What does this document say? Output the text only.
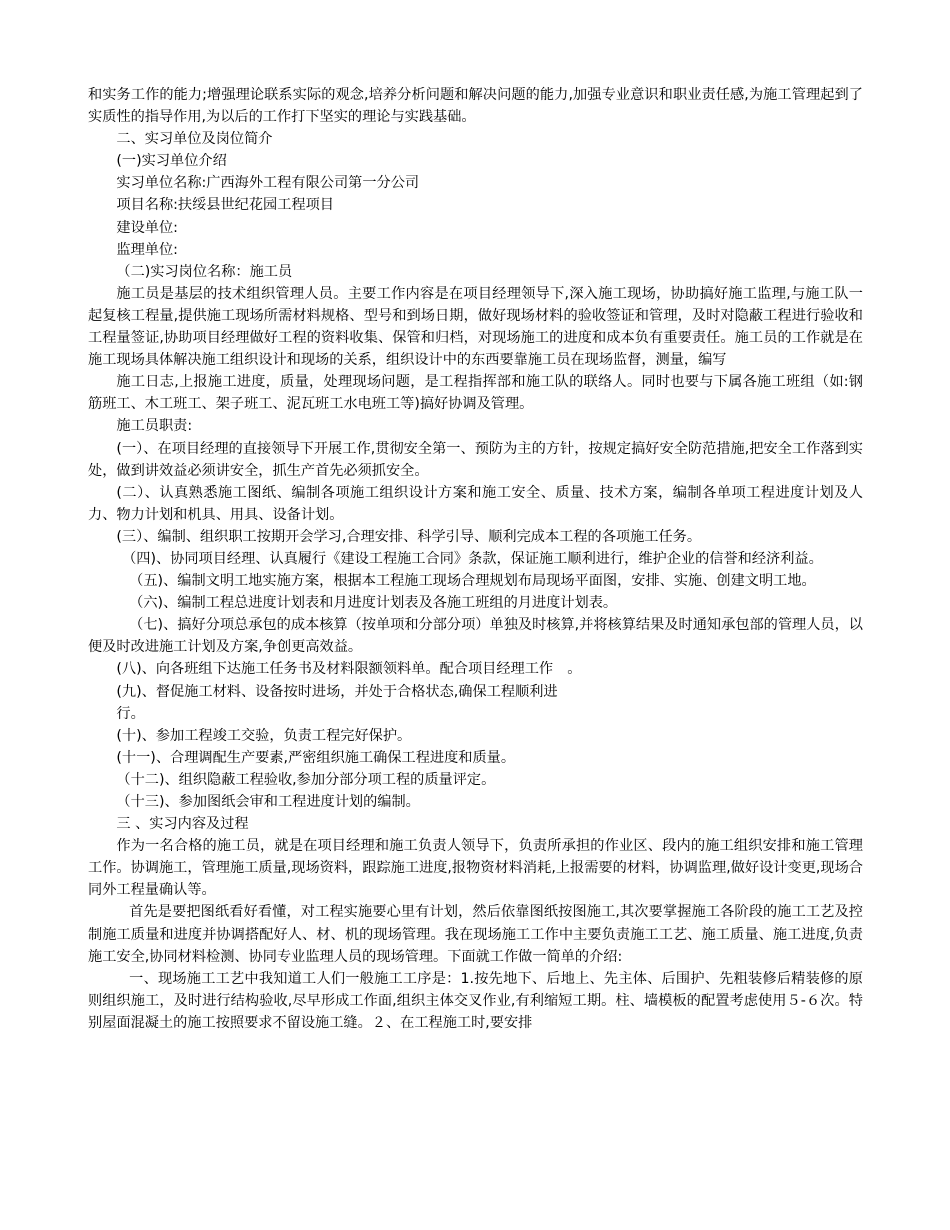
和实务工作的能力;增强理论联系实际的观念,培养分析问题和解决问题的能力,加强专业意识和职业责任感,为施工管理起到了实质性的指导作用,为以后的工作打下坚实的理论与实践基础。

二、实习单位及岗位简介

(一)实习单位介绍

实习单位名称:广西海外工程有限公司第一分公司

项目名称:扶绥县世纪花园工程项目

建设单位:

监理单位:

（二)实习岗位名称：施工员

施工员是基层的技术组织管理人员。主要工作内容是在项目经理领导下,深入施工现场，协助搞好施工监理,与施工队一起复核工程量,提供施工现场所需材料规格、型号和到场日期，做好现场材料的验收签证和管理，及时对隐蔽工程进行验收和工程量签证,协助项目经理做好工程的资料收集、保管和归档，对现场施工的进度和成本负有重要责任。施工员的工作就是在施工现场具体解决施工组织设计和现场的关系，组织设计中的东西要靠施工员在现场监督，测量，编写

施工日志,上报施工进度，质量，处理现场问题，是工程指挥部和施工队的联络人。同时也要与下属各施工班组（如:钢筋班工、木工班工、架子班工、泥瓦班工水电班工等)搞好协调及管理。

施工员职责:

(一）、在项目经理的直接领导下开展工作,贯彻安全第一、预防为主的方针，按规定搞好安全防范措施,把安全工作落到实处，做到讲效益必须讲安全，抓生产首先必须抓安全。

(二）、认真熟悉施工图纸、编制各项施工组织设计方案和施工安全、质量、技术方案，编制各单项工程进度计划及人力、物力计划和机具、用具、设备计划。

(三）、编制、组织职工按期开会学习,合理安排、科学引导、顺利完成本工程的各项施工任务。

（四)、协同项目经理、认真履行《建设工程施工合同》条款，保证施工顺利进行，维护企业的信誉和经济利益。

（五)、编制文明工地实施方案，根据本工程施工现场合理规划布局现场平面图，安排、实施、创建文明工地。

（六)、编制工程总进度计划表和月进度计划表及各施工班组的月进度计划表。

（七)、搞好分项总承包的成本核算（按单项和分部分项）单独及时核算,并将核算结果及时通知承包部的管理人员，以便及时改进施工计划及方案,争创更高效益。

(八)、向各班组下达施工任务书及材料限额领料单。配合项目经理工作　。

(九)、督促施工材料、设备按时进场，并处于合格状态,确保工程顺利进

行。

(十)、参加工程竣工交验，负责工程完好保护。

(十一)、合理调配生产要素,严密组织施工确保工程进度和质量。

（十二)、组织隐蔽工程验收,参加分部分项工程的质量评定。

（十三)、参加图纸会审和工程进度计划的编制。

三 、实习内容及过程

作为一名合格的施工员，就是在项目经理和施工负责人领导下，负责所承担的作业区、段内的施工组织安排和施工管理工作。协调施工，管理施工质量,现场资料，跟踪施工进度,报物资材料消耗,上报需要的材料，协调监理,做好设计变更,现场合同外工程量确认等。

首先是要把图纸看好看懂，对工程实施要心里有计划，然后依靠图纸按图施工,其次要掌握施工各阶段的施工工艺及控制施工质量和进度并协调搭配好人、材、机的现场管理。我在现场施工工作中主要负责施工工艺、施工质量、施工进度,负责施工安全,协同材料检测、协同专业监理人员的现场管理。下面就工作做一简单的介绍:

一、现场施工工艺中我知道工人们一般施工工序是：1.按先地下、后地上、先主体、后围护、先粗装修后精装修的原则组织施工，及时进行结构验收,尽早形成工作面,组织主体交叉作业,有利缩短工期。柱、墙模板的配置考虑使用５-６次。特别屋面混凝土的施工按照要求不留设施工缝。２、在工程施工时,要安排
